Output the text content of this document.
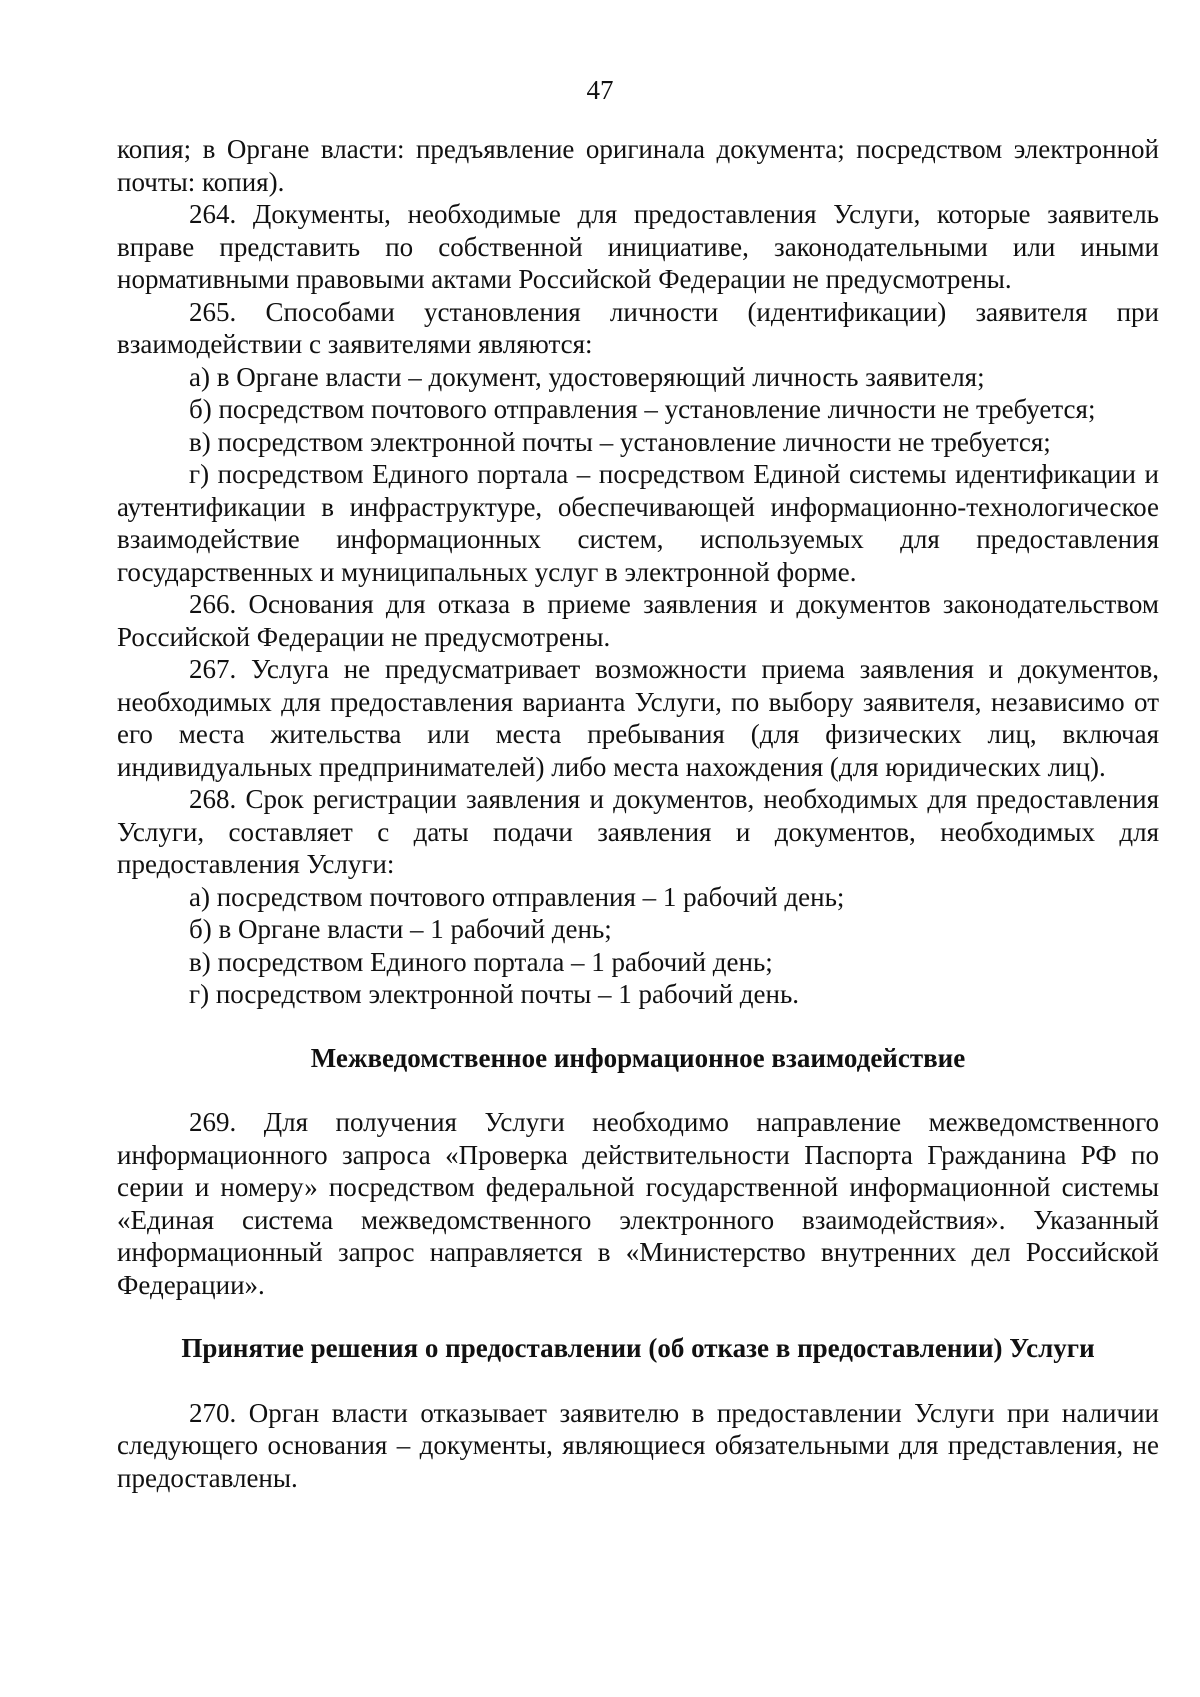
47

копия; в Органе власти: предъявление оригинала документа; посредством электронной почты: копия).

264. Документы, необходимые для предоставления Услуги, которые заявитель вправе представить по собственной инициативе, законодательными или иными нормативными правовыми актами Российской Федерации не предусмотрены.

265. Способами установления личности (идентификации) заявителя при взаимодействии с заявителями являются:

а) в Органе власти – документ, удостоверяющий личность заявителя;

б) посредством почтового отправления – установление личности не требуется;

в) посредством электронной почты – установление личности не требуется;

г) посредством Единого портала – посредством Единой системы идентификации и аутентификации в инфраструктуре, обеспечивающей информационно-технологическое взаимодействие информационных систем, используемых для предоставления государственных и муниципальных услуг в электронной форме.

266. Основания для отказа в приеме заявления и документов законодательством Российской Федерации не предусмотрены.

267. Услуга не предусматривает возможности приема заявления и документов, необходимых для предоставления варианта Услуги, по выбору заявителя, независимо от его места жительства или места пребывания (для физических лиц, включая индивидуальных предпринимателей) либо места нахождения (для юридических лиц).

268. Срок регистрации заявления и документов, необходимых для предоставления Услуги, составляет с даты подачи заявления и документов, необходимых для предоставления Услуги:

а) посредством почтового отправления – 1 рабочий день;

б) в Органе власти – 1 рабочий день;

в) посредством Единого портала – 1 рабочий день;

г) посредством электронной почты – 1 рабочий день.

Межведомственное информационное взаимодействие

269. Для получения Услуги необходимо направление межведомственного информационного запроса «Проверка действительности Паспорта Гражданина РФ по серии и номеру» посредством федеральной государственной информационной системы «Единая система межведомственного электронного взаимодействия». Указанный информационный запрос направляется в «Министерство внутренних дел Российской Федерации».

Принятие решения о предоставлении (об отказе в предоставлении) Услуги

270. Орган власти отказывает заявителю в предоставлении Услуги при наличии следующего основания – документы, являющиеся обязательными для представления, не предоставлены.
